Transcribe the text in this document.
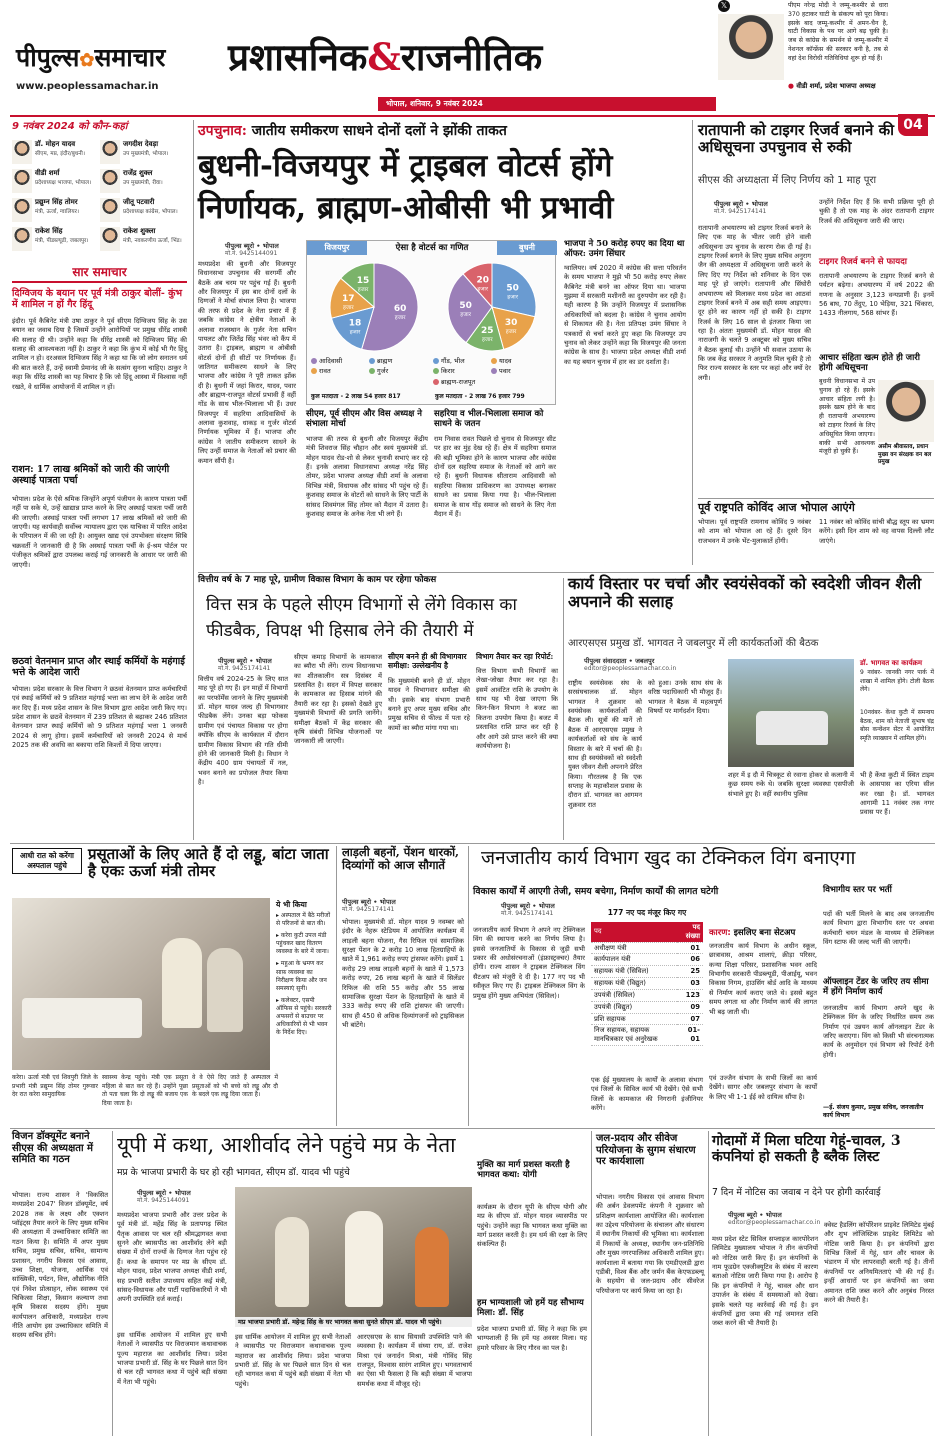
पीपुल्स✿समाचार
www.peoplessamachar.in
प्रशासनिक&राजनीतिक
भोपाल, शनिवार, 9 नवंबर 2024
𝕏	पीएम नरेन्द्र मोदी ने जम्मू-कश्मीर से धारा 370 हटाकर घाटी के संकल्प को पूरा किया। इसके बाद जम्मू-कश्मीर में अमन-चैन है, घाटी विकास के पथ पर आगे बढ़ चुकी है। जब से कांग्रेस के समर्थन से जम्मू-कश्मीर में नेशनल कॉन्फ्रेंस की सरकार बनी है, तब से वहां देश विरोधी गतिविधियां शुरू हो गई हैं।
● वीडी शर्मा, प्रदेश भाजपा अध्यक्ष
04
9 नवंबर 2024 को कौन-कहां
डॉ. मोहन यादव
सीएम, मप्र, इंदौर/बुधनी।
जगदीश देवड़ा
उप मुख्यमंत्री, भोपाल।
वीडी शर्मा
प्रदेशाध्यक्ष भाजपा, भोपाल।
राजेंद्र शुक्ल
उप मुख्यमंत्री, रीवा।
प्रद्युम्न सिंह तोमर
मंत्री, ऊर्जा, ग्वालियर।
जीतू पटवारी
प्रदेशाध्यक्ष कांग्रेस, भोपाल।
राकेश सिंह
मंत्री, पीडब्ल्यूडी, जबलपुर।
राकेश शुक्ला
मंत्री, नवकरणीय ऊर्जा, भिंड।
सार समाचार
दिग्विजय के बयान पर पूर्व मंत्री ठाकुर बोलीं- कुंभ में शामिल न हों गैर हिंदू
इंदौर। पूर्व कैबिनेट मंत्री उषा ठाकुर ने पूर्व सीएम दिग्विजय सिंह के उस बयान का जवाब दिया है जिसमें उन्होंने आरोपियों पर प्रमुख धीरेंद्र शास्त्री की सलाह दी थी। उन्होंने कहा कि धीरेंद्र शास्त्री को दिग्विजय सिंह की सलाह की आवश्यकता नहीं है। ठाकुर ने कहा कि कुंभ में कोई भी गैर हिंदू शामिल न हो। दरअसल दिग्विजय सिंह ने कहा था कि जो लोग सनातन धर्म की बात करते हैं, उन्हें स्वामी प्रेमानंद जी के सत्संग सुनना चाहिए। ठाकुर ने कहा कि धीरेंद्र शास्त्री का यह विचार है कि जो हिंदू आस्था में विश्वास नहीं रखते, वे धार्मिक आयोजनों में शामिल न हों।
राशन: 17 लाख श्रमिकों को जारी की जाएंगी अस्थाई पात्रता पर्चा
भोपाल। प्रदेश के ऐसे श्रमिक जिन्होंने अपूर्ण पंजीयन के कारण पात्रता पर्ची नहीं पा सके थे, उन्हें खाद्यान्न प्राप्त करने के लिए अस्थाई पात्रता पर्ची जारी की जाएगी। अस्थाई पात्रता पर्ची लगभग 17 लाख श्रमिकों को जारी की जाएगी। यह कार्यवाही सर्वोच्च न्यायालय द्वारा एक याचिका में पारित आदेश के परिपालन में की जा रही है। आयुक्त खाद्य एवं उपभोक्ता संरक्षण सिबि चक्रवर्ती ने जानकारी दी है कि अस्थाई पात्रता पर्ची के ई-श्रम पोर्टल पर पंजीकृत श्रमिकों द्वारा उपलब्ध कराई गई जानकारी के आधार पर जारी की जाएगी।
छठवां वेतनमान प्राप्त और स्थाई कर्मियों के महंगाई भत्ते के आदेश जारी
भोपाल। प्रदेश सरकार के वित्त विभाग ने छठवां वेतनमान प्राप्त कर्मचारियों एवं स्थाई कर्मियों को 9 प्रतिशत महंगाई भत्ता का लाभ देने के आदेश जारी कर दिए हैं। मध्य प्रदेश शासन के वित्त विभाग द्वारा आदेश जारी किए गए। प्रदेश शासन के छठवें वेतनमान में 239 प्रतिशत से बढ़ाकर 246 प्रतिशत वेतनमान प्राप्त स्थाई कर्मियों को 9 प्रतिशत महंगाई भत्ता 1 जनवरी 2024 से लागू होगा। इसमें कर्मचारियों को जनवरी 2024 से मार्च 2025 तक की अवधि का बकाया राशि किश्तों में दिया जाएगा।
उपचुनाव: जातीय समीकरण साधने दोनों दलों ने झोंकी ताकत
बुधनी-विजयपुर में ट्राइबल वोटर्स होंगे निर्णायक, ब्राह्मण-ओबीसी भी प्रभावी
पीपुल्स ब्यूरो • भोपाल
मो.नं. 9425144091
मध्यप्रदेश की बुधनी और विजयपुर विधानसभा उपचुनाव की सरगर्मी और बैठकें अब चरम पर पहुंच गई हैं। बुधनी और विजयपुर में इस बार दोनों दलों के दिग्गजों ने मोर्चा संभाल लिया है। भाजपा की तरफ से प्रदेश के नेता प्रचार में हैं जबकि कांग्रेस ने क्षेत्रीय नेताओं के अलावा राजस्थान के गुर्जर नेता सचिन पायलट और जितेंद्र सिंह भंवर को कैंप में उतारा है। ट्राइबल, ब्राह्मण व ओबीसी वोटर्स दोनों ही सीटों पर निर्णायक हैं। जातिगत समीकरण साधने के लिए भाजपा और कांग्रेस ने पूरी ताकत झोंक दी है। बुधनी में जहां किरार, यादव, पवार और ब्राह्मण-राजपूत वोटर्स प्रभावी हैं वहीं गोंड के साथ भील-भिलाला भी हैं। उधर विजयपुर में सहरिया आदिवासियों के अलावा कुशवाह, धाकड़ व गुर्जर वोटर्स निर्णायक भूमिका में हैं। भाजपा और कांग्रेस ने जातीय समीकरण साधने के लिए उन्हीं समाज के नेताओं को प्रचार की कमान सौंपी है।
ऐसा है वोटर्स का गणित
विजयपुर	बुधनी
60
हजार
18
हजार
17
हजार
15
हजार	50
हजार
30
हजार
25
हजार
50
हजार
20
हजार
आदिवासी	ब्राह्मणरावत	गुर्जर
गौंड, भील	यादवकिरार	पवारब्राह्मण-राजपूत
कुल मतदाता - 2 लाख 54 हजार 817	कुल मतदाता - 2 लाख 76 हजार 799
सीएम, पूर्व सीएम और विस अध्यक्ष ने संभाला मोर्चा
भाजपा की तरफ से बुधनी और विजयपुर केंद्रीय मंत्री शिवराज सिंह चौहान और स्वयं मुख्यमंत्री डॉ. मोहन यादव रोड-शो से लेकर चुनावी सभाएं कर रहे हैं। इनके अलावा विधानसभा अध्यक्ष नरेंद्र सिंह तोमर, प्रदेश भाजपा अध्यक्ष वीडी शर्मा के अलावा विभिन्न मंत्री, विधायक और सांसद भी पहुंच रहे हैं। कुशवाह समाज के वोटरों को साधने के लिए पार्टी के सांसद शिवमंगल सिंह तोमर को मैदान में उतारा है। कुशवाह समाज के अनेक नेता भी लगे हैं।
सहरिया व भील-भिलाला समाज को साधने के जतन
राम निवास रावत पिछले दो चुनाव से विजयपुर सीट पर हार का मुंह देख रहे हैं। क्षेत्र में सहरिया समाज की बड़ी भूमिका होने के कारण भाजपा और कांग्रेस दोनों दल सहरिया समाज के नेताओं को आगे कर रहे हैं। बुधनी विधायक सीताराम आदिवासी को सहरिया विकास प्राधिकरण का उपाध्यक्ष बनाकर साधने का प्रयास किया गया है। भील-भिलाला समाज के साथ गोंड़ समाज को साधने के लिए नेता मैदान में हैं।
भाजपा ने 50 करोड़ रुपए का दिया था ऑफर: उमंग सिंघार
ग्वालियर। वर्ष 2020 में कांग्रेस की सत्ता परिवर्तन के समय भाजपा ने मुझे भी 50 करोड़ रुपए लेकर कैबिनेट मंत्री बनने का ऑफर दिया था। भाजपा मुझमा में सरकारी मशीनरी का दुरुपयोग कर रही है। यही कारण है कि उन्होंने विजयपुर में प्रशासनिक अधिकारियों को बदला है। कांग्रेस ने चुनाव आयोग से शिकायत की है। नेता प्रतिपक्ष उमंग सिंघार ने पत्रकारों से चर्चा करते हुए कहा कि विजयपुर उप चुनाव को लेकर उन्होंने कहा कि विजयपुर की जनता कांग्रेस के साथ है। भाजपा प्रदेश अध्यक्ष वीडी शर्मा का यह बयान चुनाव में हार का डर दर्शाता है।
रातापानी को टाइगर रिजर्व बनाने की अधिसूचना उपचुनाव से रुकी
सीएस की अध्यक्षता में लिए निर्णय को 1 माह पूरा
पीपुल्स ब्यूरो • भोपाल
मो.नं. 9425174141
रातापानी अभयारण्य को टाइगर रिजर्व बनाने के लिए एक माह के भीतर जारी होने वाली अधिसूचना उप चुनाव के कारण रोक दी गई है। टाइगर रिजर्व बनाने के लिए मुख्य सचिव अनुराग जैन की अध्यक्षता में अधिसूचना जारी करने के लिए दिए गए निर्देश को शनिवार के दिन एक माह पूरे हो जाएंगे। रातापानी और सिंघोरी अभयारण्य को मिलाकर मध्य प्रदेश का आठवां टाइगर रिजर्व बनने में अब सही समय आइएगा। दूर होने का कारण नहीं हो सकी है। टाइगर रिजर्व के लिए 16 साल से इंतजार किया जा रहा है। अंततः मुख्यमंत्री डॉ. मोहन यादव की नाराजगी के चलते 9 अक्टूबर को मुख्य सचिव ने बैठक बुलाई थी। उन्होंने भी सवाल उठाया के कि जब केंद्र सरकार ने अनुमति मिल चुकी है तो फिर राज्य सरकार के स्तर पर कहां और क्यों देर लगी।
उन्होंने निर्देश दिए हैं कि सभी प्रक्रिया पूरी हो चुकी है तो एक माह के अंदर रातापानी टाइगर रिजर्व की अधिसूचना जारी की जाए।
टाइगर रिजर्व बनने से फायदा
रातापानी अभयारण्य के टाइगर रिजर्व बनने से पर्यटन बढ़ेगा। अभयारण्य में वर्ष 2022 की गणना के अनुसार 3,123 वन्यप्राणी हैं। इनमें 56 बाघ, 70 तेंदुए, 10 भेड़िया, 321 चिंकारा, 1433 नीलगाय, 568 सांभर हैं।
आचार संहिता खत्म होते ही जारी होगी अधिसूचना
बुधनी विधानसभा में उप चुनाव हो रहे हैं। इसके आचार संहिता लगी है। इसके खत्म होने के बाद ही रातापानी अभयारण्य को टाइगर रिजर्व के लिए अधिसूचित किया जाएगा। बाकी सभी आवश्यक मंजूरी हो चुकी हैं।
असीम श्रीवास्तव, प्रधान मुख्य वन संरक्षक वन बल प्रमुख
पूर्व राष्ट्रपति कोविंद आज भोपाल आएंगे
भोपाल। पूर्व राष्ट्रपति रामनाथ कोविंद 9 नवंबर को शाम को भोपाल आ रहे हैं। दूसरे दिन राजभवन में उनके भेंट-मुलाकातें होंगी।
11 नवंबर को कोविंद सांची बौद्ध स्तूप का भ्रमण करेंगे। इसी दिन शाम को वह वापस दिल्ली लौट जाएंगे।
वित्तीय वर्ष के 7 माह पूरे, ग्रामीण विकास विभाग के काम पर रहेगा फोकस
वित्त सत्र के पहले सीएम विभागों से लेंगे विकास का फीडबैक, विपक्ष भी हिसाब लेने की तैयारी में
पीपुल्स ब्यूरो • भोपाल
मो.नं. 9425174141
वित्तीय वर्ष 2024-25 के लिए सात माह पूरे हो गए हैं। इन माहों में विभागों का परफॉर्मेंस जानने के लिए मुख्यमंत्री डॉ. मोहन यादव जल्द ही विभागवार फीडबैक लेंगे। उनका बड़ा फोकस ग्रामीण एवं पंचायत विकास पर होगा क्योंकि सीएम के कार्यकाल में दौरान ग्रामीण विकास विभाग की गति धीमी होने की जानकारी मिली है। विधान ने केंद्रीय 400 ग्राम पंचायतों में नल, भवन बनाने का प्रपोजल तैयार किया है।
सीएम कमाड़ विभागों के कामकाज का ब्यौरा भी लेंगे। राज्य विधानसभा का शीतकालीन सत्र दिसंबर में प्रस्तावित है। सदन में विपक्ष सरकार के कामकाज का हिसाब मांगने की तैयारी कर रहा है। इसको देखते हुए मुख्यमंत्री विभागों की प्रगति जानेंगे। समीक्षा बैठकों में केंद्र सरकार की कृषि संबंधी विभिन्न योजनाओं पर जानकारी ली जाएगी।
सीएम बनने ही श्री विभागवार समीक्षा: उल्लेखनीय है
कि मुख्यमंत्री बनने ही डॉ. मोहन यादव ने विभागवार समीक्षा की थी। इसके बाद संभाग प्रभारी बनाने हुए अपर मुख्य सचिव और प्रमुख सचिव से फील्ड में पता रहे कामों का ब्यौरा मांगा गया था।
विभाग तैयार कर रहा रिपोर्ट:
वित्त विभाग सभी विभागों का लेखा-जोखा तैयार कर रहा है। इसमें आवंटित राशि के उपयोग के साथ यह भी देखा जाएगा कि किन-किन विभाग ने बजट का कितना उपयोग किया है। बजट में प्रस्तावित राशि प्राप्त कर रही है और आगे उसे प्राप्त करने की क्या कार्ययोजना है।
कार्य विस्तार पर चर्चा और स्वयंसेवकों को स्वदेशी जीवन शैली अपनाने की सलाह
आरएसएस प्रमुख डॉ. भागवत ने जबलपुर में ली कार्यकर्ताओं की बैठक
पीपुल्स संवाददाता • जबलपुर
editor@peoplessamachar.co.in
राष्ट्रीय स्वयंसेवक संघ के सरसंघचालक डॉ. मोहन भागवत ने शुक्रवार को स्वयंसेवक कार्यकर्ताओं की बैठक ली। सूत्रों की मानें तो बैठक में आरएसएस प्रमुख ने कार्यकर्ताओं को संघ के कार्य विस्तार के बारे में चर्चा की है। साथ ही स्वयंसेवकों को स्वदेशी युक्त जीवन शैली अपनाने प्रेरित किया। गौरतलब है कि एक सप्ताह के महाकौशल प्रवास के दौरान डॉ. भागवत का आगमन शुक्रवार रात
को हुआ। उनके साथ संघ के वरिष्ठ पदाधिकारी भी मौजूद हैं। भागवत ने बैठक में महत्वपूर्ण विषयों पर मार्गदर्शन दिया।
शहर में इ दौ में चित्रकूट से रवाना होकर से कलानी में कुछ समय रुके थे। जबकि सुरक्षा व्यवस्था एसपीजी संभाले हुए है। वहीं स्थानीय पुलिस
डॉ. भागवत का कार्यक्रम
9 नवंबर- जानकी नगर पार्क में शाखा में शामिल होंगे। टोली बैठक लेंगे।
10नवंबर- केंथा कुटी में समन्वय बैठक, शाम को नेताजी सुभाष चंद्र बोस कन्वेंशन सेंटर में आयोजित स्मृति व्याख्यान में शामिल होंगे।
भी है केंथा कुटी में स्थित टाइम के आसपास का एरिया सील कर रखा है। डॉ. भागवत आगामी 11 नवंबर तक नगर प्रवास पर हैं।
आधी रात को करेंगा अस्पताल पहुंचे
प्रसूताओं के लिए आते हैं दो लड्डू, बांटा जाता है एकः ऊर्जा मंत्री तोमर
ये भी किया
▸ अस्पताल में बैठे मरीजों से परिजनों से बात की।
▸ करेरा कुटी उपज मंडी पहुंचकर खाद वितरण व्यवस्था के बारे में जाना।
▸ महुआ के भ्रमण कर साफ़ व्यवस्था का निरीक्षण किया और जन समस्याएं सुनी।
▸ कलेक्टर, एसपी ऑफिस से पहुंचे। सरकारी अफसरों से बाउचर पर अधिकारियों से भी भवन के निर्देश दिए।
करेरा। ऊर्जा मंत्री एवं शिवपुरी जिले के प्रभारी मंत्री प्रद्युम्न सिंह तोमर गुरूवार देर रात करेरा सामुदायिक
स्वास्थ्य केन्द्र पहुंचे। मंत्री एक प्रसूता महिला से बात कर रहे हैं। उन्होंने पूछा तो पता चला कि दो लड्डू की बजाय एक दिया जाता है।
वे वे ऐसे दिए जाते हैं अस्पताल में प्रसूताओं को भी बच्चे को लड्डू और दौ के बदले एक लड्डू दिया जाता है।
लाड़ली बहनों, पेंशन धारकों, दिव्यांगों को आज सौगातें
पीपुल्स ब्यूरो • भोपाल
मो.नं. 9425174141
भोपाल। मुख्यमंत्री डॉ. मोहन यादव 9 नवम्बर को इंदौर के नेहरू स्टेडियम में आयोजित कार्यक्रम में लाड़ली बहना योजना, गैस रिफिल एवं सामाजिक सुरक्षा पेंशन के 2 करोड़ 10 लाख हितग्राहियों के खाते में 1,961 करोड़ रुपए ट्रांसफर करेंगे। इसमें 1 करोड़ 29 लाख लाड़ली बहनों के खाते में 1,573 करोड़ रुपए, 26 लाख बहनों के खाते में सिलेंडर रिफिल की राशि 55 करोड़ और 55 लाख सामाजिक सुरक्षा पेंशन के हितग्राहियों के खाते में 333 करोड़ रुपए की राशि ट्रांसफर की जाएगी। साथ ही 450 से अधिक दिव्यांगजनों को ट्राइसिकल भी बांटेंगे।
जनजातीय कार्य विभाग खुद का टेक्निकल विंग बनाएगा
विकास कार्यों में आएगी तेजी, समय बचेगा, निर्माण कार्यों की लागत घटेगी
पीपुल्स ब्यूरो • भोपाल
मो.नं. 9425174141
जनजातीय कार्य विभाग ने अपने नए टेक्निकल विंग की स्थापना करने का निर्णय लिया है। इससे जनजातियों के विकास से जुड़ी सभी प्रकार की अधोसंरचनाओं (इंफ्रास्ट्रक्चर) तैयार होंगी। राज्य शासन ने ट्राइबल टेक्निकल विंग सैटअप को मंजूरी दे दी है। 177 नए पद भी स्वीकृत किए गए हैं। ट्राइबल टेक्निकल विंग के प्रमुख होंगे मुख्य अभियंता (सिविल)।
एक ईई मुख्यालय के कार्यों के अलावा संभाग एवं जिलों के सिविल कार्य भी देखेंगे। ऐसे सभी जिलों के कामकाज की निगरानी इंजीनियर करेंगे।
177 नए पद मंजूर किए गए
पद	पद संख्या
अधीक्षण यंत्री	01
कार्यपालन यंत्री	06
सहायक यंत्री (सिविल)	25
सहायक यंत्री (विद्युत)	03
उपयंत्री (सिविल)	123
उपयंत्री (विद्युत)	09
प्रशि सहायक	07
निज सहायक, सहायक मानचित्रकार एवं अनुरेखक	01-01
कारण: इसलिए बना सेटअप
जनजातीय कार्य विभाग के अधीन स्कूल, छात्रावास, आश्रम शालाएं, क्रीड़ा परिसर, कन्या शिक्षा परिसर, प्रशासनिक भवन आदि विभागीय सरकारी पीडब्ल्यूडी, पीआईयू, भवन विकास निगम, हाउसिंग बोर्ड आदि के माध्यम से निर्माण कार्य कराए जाते थे। इससे बहुत समय लगता था और निर्माण कार्य की लागत भी बढ़ जाती थी।
एवं उज्जैन संभाग के सभी जिलों का कार्य देखेंगे। सागर और जबलपुर संभाग के कार्यों के लिए भी 1-1 ईई को दायित्व सौंपा है।
विभागीय स्तर पर भर्ती
पदों की भर्ती मिलने के बाद अब जनजातीय कार्य विभाग द्वारा विभागीय स्तर पर अथवा कर्मचारी चयन मंडल के माध्यम से टेक्निकल विंग स्टाफ की जल्द भर्ती की जाएगी।
ऑफ्लाइन टेंडर के जरिए तय सीमा में होंगे निर्माण कार्य
जनजातीय कार्य विभाग अपने खुद के टेक्निकल विंग के जरिए निर्धारित समय तक निर्माण एवं उन्नयन कार्य ऑनलाइन टेंडर के जरिए कराएगा। विंग को किसी भी संरचनात्मक कार्य के अनुमोदन एवं विभाग को रिपोर्ट देनी होगी।
—ई. संजय कुमार, प्रमुख सचिव, जनजातीय कार्य विभाग
विजन डॉक्यूमेंट बनाने सीएस की अध्यक्षता में समिति का गठन
भोपाल। राज्य शासन ने 'विकसित मध्यप्रदेश 2047' विजन डॉक्यूमेंट, वर्ष 2028 तक के लक्ष्य और एक्शन प्वॉइंट्स तैयार करने के लिए मुख्य सचिव की अध्यक्षता में उच्चाधिकार समिति का गठन किया है। समिति में अपर मुख्य सचिव, प्रमुख सचिव, सचिव, सामान्य प्रशासन, नगरीय विकास एवं आवास, उच्च शिक्षा, योजना, आर्थिक एवं सांख्यिकी, पर्यटन, वित्त, औद्योगिक नीति एवं निवेश प्रोत्साहन, लोक स्वास्थ्य एवं चिकित्सा शिक्षा, किसान कल्याण तथा कृषि विकास सदस्य होंगे। मुख्य कार्यपालन अधिकारी, मध्यप्रदेश राज्य नीति आयोग इस उच्चाधिकार समिति में सदस्य सचिव होंगे।
यूपी में कथा, आशीर्वाद लेने पहुंचे मप्र के नेता
मप्र के भाजपा प्रभारी के घर हो रही भागवत, सीएम डॉ. यादव भी पहुंचे
पीपुल्स ब्यूरो • भोपाल
मो.नं. 9425144091
मध्यप्रदेश भाजपा प्रभारी और उत्तर प्रदेश के पूर्व मंत्री डॉ. महेंद्र सिंह के प्रतापगढ़ स्थित पैतृक आवास पर चल रही श्रीमद्भागवत कथा सुनने और ब्यासपीठ का आशीर्वाद लेने बड़ी संख्या में दोनों राज्यों के दिग्गज नेता पहुंच रहे हैं। कथा के समापन पर मप्र के सीएम डॉ. मोहन यादव, प्रदेश भाजपा अध्यक्ष वीडी शर्मा, सह प्रभारी सतीश उपाध्याय सहित कई मंत्री, सांसद-विधायक और पार्टी पदाधिकारियों ने भी अपनी उपस्थिति दर्ज कराई।
मप्र भाजपा प्रभारी डॉ. महेन्द्र सिंह के घर भागवत कथा सुनते सीएम डॉ. यादव भी पहुंचे।
इस धार्मिक आयोजन में शामिल हुए सभी नेताओं ने व्यासपीठ पर विराजमान कथावाचक पूज्य महाराज का आशीर्वाद लिया। प्रदेश भाजपा प्रभारी डॉ. सिंह के घर पिछले सात दिन से चल रही भागवत कथा में पहुंचे बड़ी संख्या में नेता भी पहुंचे।
इस धार्मिक आयोजन में शामिल हुए सभी नेताओं ने व्यासपीठ पर विराजमान कथावाचक पूज्य महाराज का आशीर्वाद लिया। प्रदेश भाजपा प्रभारी डॉ. सिंह के घर पिछले सात दिन से चल रही भागवत कथा में पहुंचे बड़ी संख्या में नेता भी पहुंचे।
आरएसएस के साथ सियासी उपस्थिति पाने की व्यवस्था है। कार्यक्रम में संघ्या राय, डॉ. राजेश मिश्रा एवं जनार्दन मिश्रा, मंत्री गोविंद सिंह राजपूत, विश्वास सारंग शामिल हुए। भगवताचार्य का ऐसा भी फैसला है कि बड़ी संख्या में भाजपा समर्थक कथा में मौजूद रहे।
मुक्ति का मार्ग प्रशस्त करती है भागवत कथा: योगी
कार्यक्रम के दौरान यूपी के सीएम योगी और मप्र के सीएम डॉ. मोहन यादव व्यासपीठ पर पहुंचे। उन्होंने कहा कि भागवत कथा मुक्ति का मार्ग प्रशस्त करती है। हम धर्म की रक्षा के लिए संकल्पित हैं।
हम भाग्यशाली जो हमें यह सौभाग्य मिला: डॉ. सिंह
प्रदेश भाजपा प्रभारी डॉ. सिंह ने कहा कि हम भाग्यशाली हैं कि हमें यह अवसर मिला। यह हमारे परिवार के लिए गौरव का पल है।
जल-प्रदाय और सीवेज परियोजना के सुगम संधारण पर कार्यशाला
भोपाल। नगरीय विकास एवं आवास विभाग की अर्बन डेवलपमेंट कंपनी ने शुक्रवार को प्रशिक्षण कार्यशाला आयोजित की। कार्यशाला का उद्देश्य परियोजना के संचालन और संधारण में स्थानीय निकायों की भूमिका था। कार्यशाला में निकायों के अध्यक्ष, स्थानीय जन-प्रतिनिधि और मुख्य नगरपालिका अधिकारी शामिल हुए। कार्यशाला में बताया गया कि एमडीएलडी द्वारा एडीबी, विश्व बैंक और जर्मन बैंक केएफडब्ल्यू के सहयोग से जल-प्रदाय और सीवरेज परियोजना पर कार्य किया जा रहा है।
गोदामों में मिला घटिया गेहूं-चावल, 3 कंपनियां हो सकती है ब्लैक लिस्ट
7 दिन में नोटिस का जवाब न देने पर होगी कार्रवाई
पीपुल्स ब्यूरो • भोपाल
editor@peoplessamachar.co.in
मध्य प्रदेश स्टेट सिविल सप्लाइज कारपोरेशन लिमिटेड मुख्यालय भोपाल ने तीन कंपनियों को नोटिस जारी किए हैं। इन कंपनियों के नाम फूडग्रेन एक्जीक्यूटिव के संबंध में कारण बताओ नोटिस जारी किया गया है। आरोप है कि इन कंपनियों ने गेहूं, चावल और धान उपार्जन के संबंध में समस्याओं को देखा। इसके चलते यह कार्रवाई की गई है। इन कंपनियों द्वारा जमा की गई जमानत राशि जब्त करने की भी तैयारी है।
क्वेस्ट हैडलिंग कॉर्पोरेशन प्राइवेट लिमिटेड मुंबई और शुभ लॉजिस्टिक प्राइवेट लिमिटेड को नोटिस जारी किया है। इन कंपनियों द्वारा विभिन्न जिलों में गेहूं, धान और चावल के भंडारण में घोर लापरवाही बरती गई है। तीनों कंपनियों पर अनियमितताएं भी की गई हैं। इन्हीं आधारों पर इन कंपनियों का जमा अमानत राशि जब्त करने और अनुबंध निरस्त करने की तैयारी है।
